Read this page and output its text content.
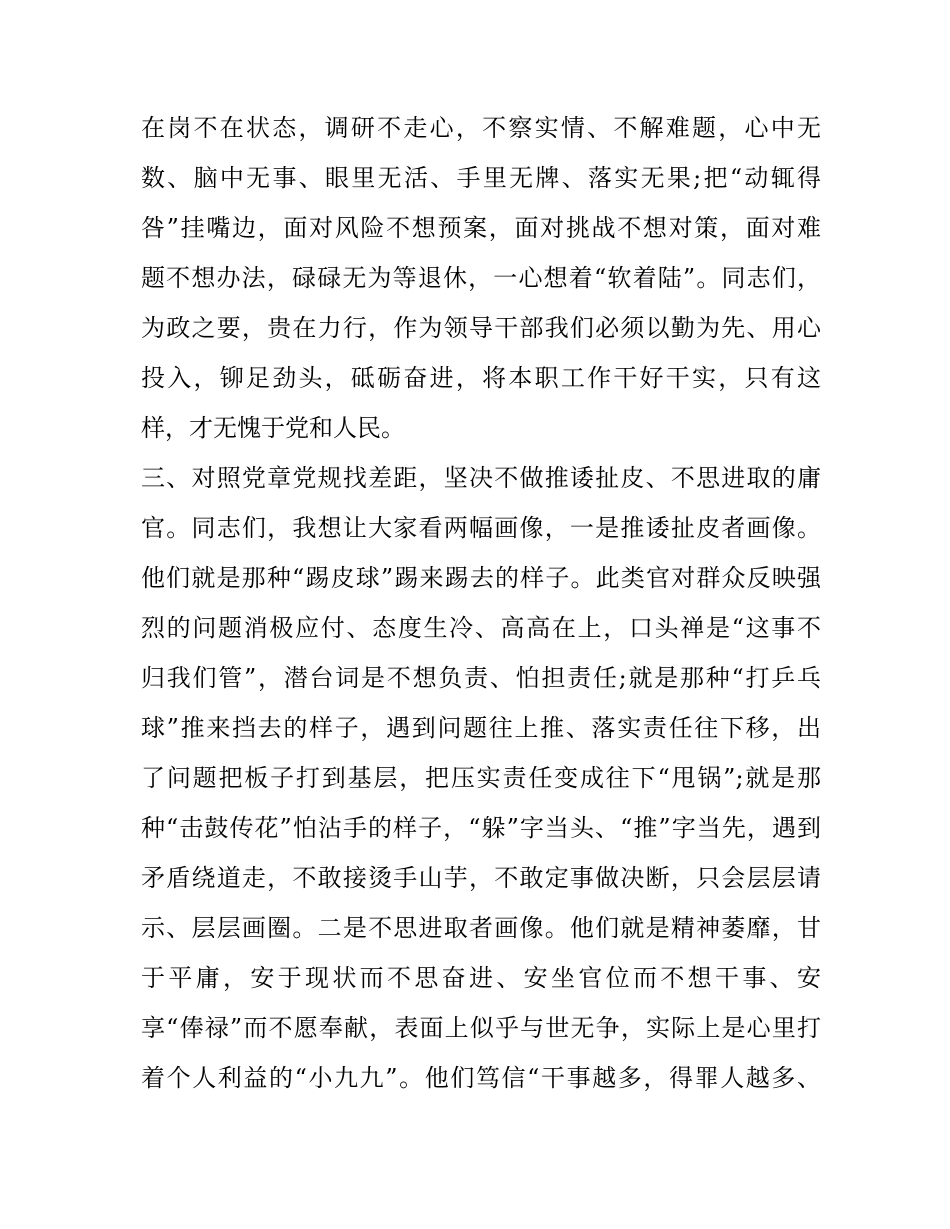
在岗不在状态，调研不走心，不察实情、不解难题，心中无
数、脑中无事、眼里无活、手里无牌、落实无果;把“动辄得
咎”挂嘴边，面对风险不想预案，面对挑战不想对策，面对难
题不想办法，碌碌无为等退休，一心想着“软着陆”。同志们，
为政之要，贵在力行，作为领导干部我们必须以勤为先、用心
投入，铆足劲头，砥砺奋进，将本职工作干好干实，只有这
样，才无愧于党和人民。
三、对照党章党规找差距，坚决不做推诿扯皮、不思进取的庸
官。同志们，我想让大家看两幅画像，一是推诿扯皮者画像。
他们就是那种“踢皮球”踢来踢去的样子。此类官对群众反映强
烈的问题消极应付、态度生冷、高高在上，口头禅是“这事不
归我们管”，潜台词是不想负责、怕担责任;就是那种“打乒乓
球”推来挡去的样子，遇到问题往上推、落实责任往下移，出
了问题把板子打到基层，把压实责任变成往下“甩锅”;就是那
种“击鼓传花”怕沾手的样子，“躲”字当头、“推”字当先，遇到
矛盾绕道走，不敢接烫手山芋，不敢定事做决断，只会层层请
示、层层画圈。二是不思进取者画像。他们就是精神萎靡，甘
于平庸，安于现状而不思奋进、安坐官位而不想干事、安
享“俸禄”而不愿奉献，表面上似乎与世无争，实际上是心里打
着个人利益的“小九九”。他们笃信“干事越多，得罪人越多、
